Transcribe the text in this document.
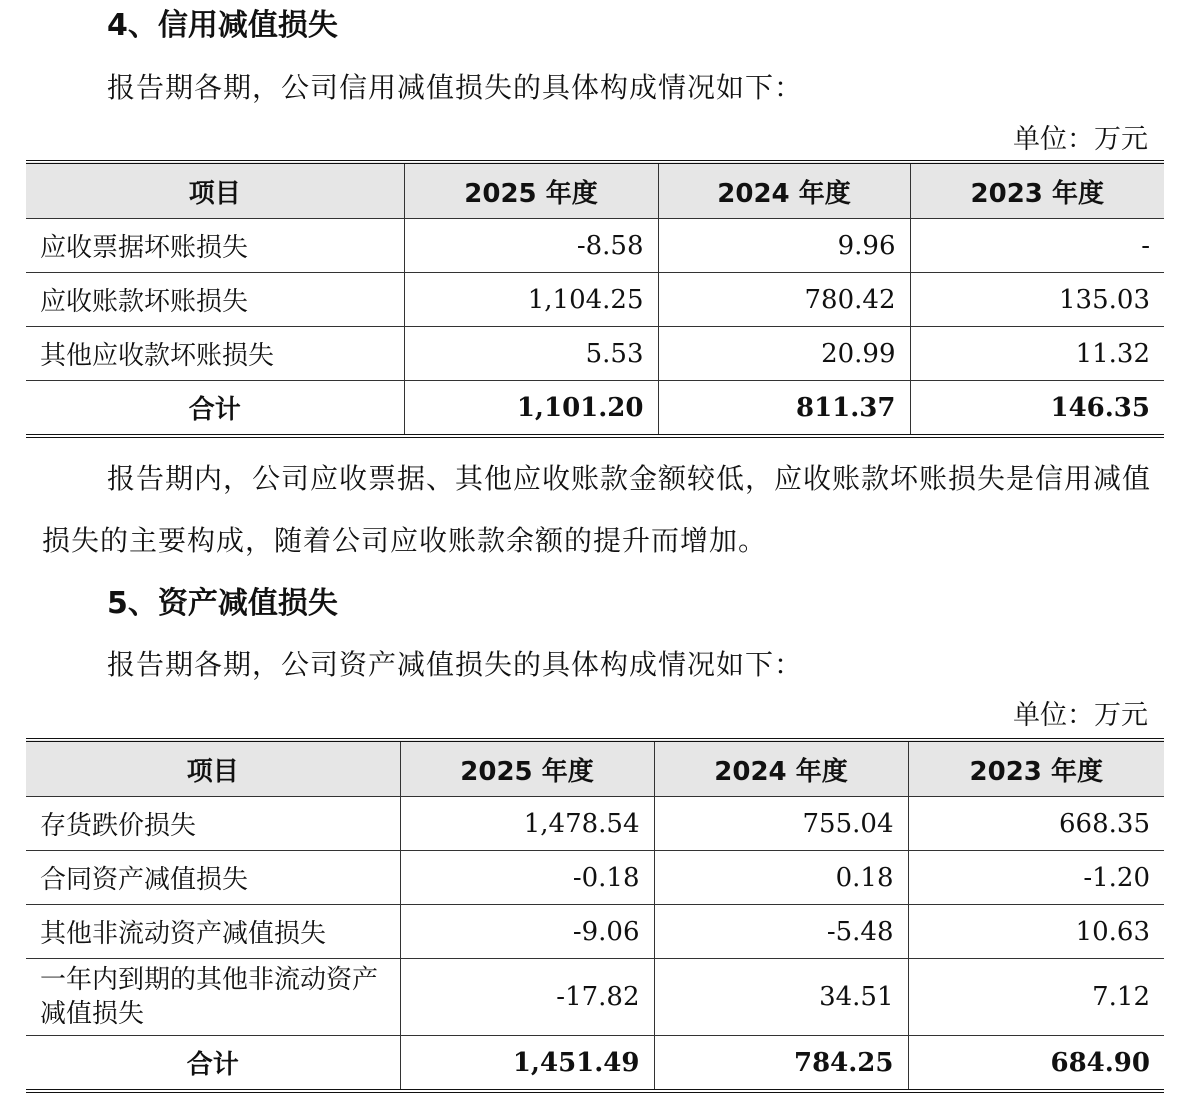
4、信用减值损失

报告期各期，公司信用减值损失的具体构成情况如下：

单位：万元

项目	2025 年度	2024 年度	2023 年度
应收票据坏账损失	-8.58	9.96	-
应收账款坏账损失	1,104.25	780.42	135.03
其他应收款坏账损失	5.53	20.99	11.32
合计	1,101.20	811.37	146.35

报告期内，公司应收票据、其他应收账款金额较低，应收账款坏账损失是信用减值损失的主要构成，随着公司应收账款余额的提升而增加。

5、资产减值损失

报告期各期，公司资产减值损失的具体构成情况如下：

单位：万元

项目	2025 年度	2024 年度	2023 年度
存货跌价损失	1,478.54	755.04	668.35
合同资产减值损失	-0.18	0.18	-1.20
其他非流动资产减值损失	-9.06	-5.48	10.63
一年内到期的其他非流动资产减值损失	-17.82	34.51	7.12
合计	1,451.49	784.25	684.90
